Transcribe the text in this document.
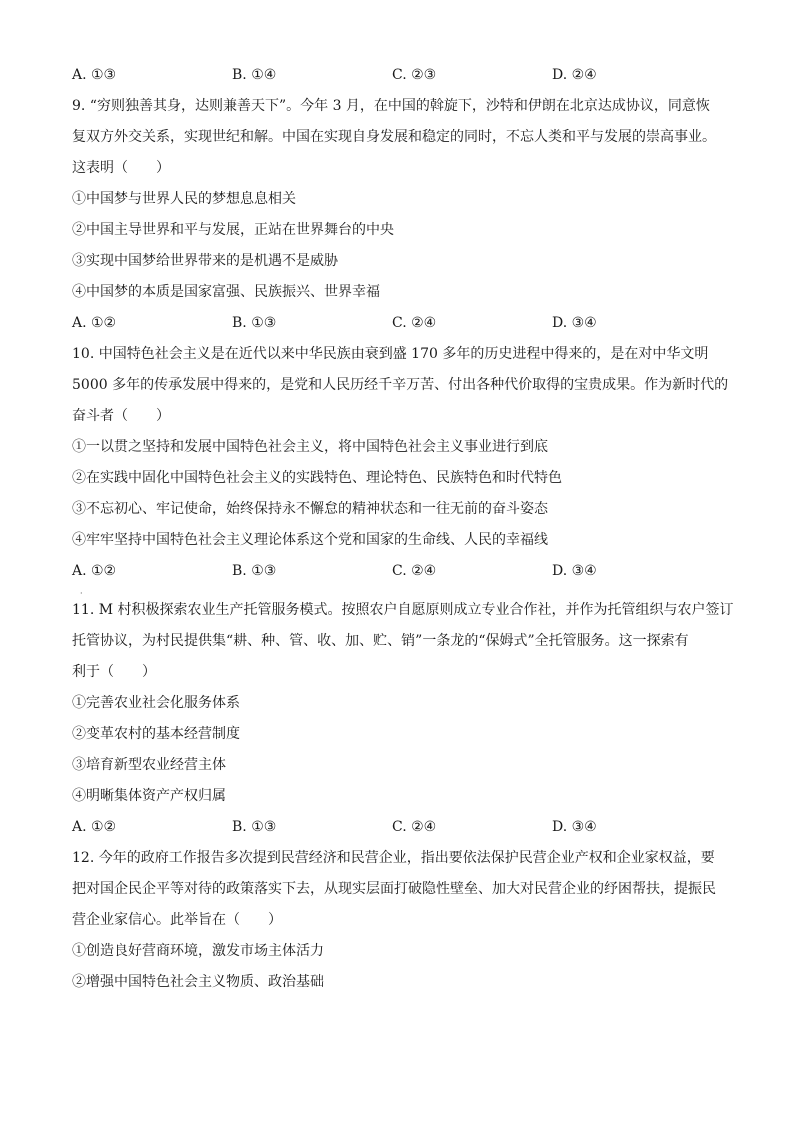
A. ①③	B. ①④	C. ②③	D. ②④
9. “穷则独善其身，达则兼善天下”。今年 3 月，在中国的斡旋下，沙特和伊朗在北京达成协议，同意恢
复双方外交关系，实现世纪和解。中国在实现自身发展和稳定的同时，不忘人类和平与发展的崇高事业。
这表明（　　）
①中国梦与世界人民的梦想息息相关
②中国主导世界和平与发展，正站在世界舞台的中央
③实现中国梦给世界带来的是机遇不是威胁
④中国梦的本质是国家富强、民族振兴、世界幸福
A. ①②	B. ①③	C. ②④	D. ③④
10. 中国特色社会主义是在近代以来中华民族由衰到盛 170 多年的历史进程中得来的，是在对中华文明
5000 多年的传承发展中得来的，是党和人民历经千辛万苦、付出各种代价取得的宝贵成果。作为新时代的
奋斗者（　　）
①一以贯之坚持和发展中国特色社会主义，将中国特色社会主义事业进行到底
②在实践中固化中国特色社会主义的实践特色、理论特色、民族特色和时代特色
③不忘初心、牢记使命，始终保持永不懈怠的精神状态和一往无前的奋斗姿态
④牢牢坚持中国特色社会主义理论体系这个党和国家的生命线、人民的幸福线
A. ①②	B. ①③	C. ②④	D. ③④
11. M 村积极探索农业生产托管服务模式。按照农户自愿原则成立专业合作社，并作为托管组织与农户签订
托管协议，为村民提供集“耕、种、管、收、加、贮、销”一条龙的“保姆式”全托管服务。这一探索有
利于（　　）
①完善农业社会化服务体系
②变革农村的基本经营制度
③培育新型农业经营主体
④明晰集体资产产权归属
A. ①②	B. ①③	C. ②④	D. ③④
12. 今年的政府工作报告多次提到民营经济和民营企业，指出要依法保护民营企业产权和企业家权益，要
把对国企民企平等对待的政策落实下去，从现实层面打破隐性壁垒、加大对民营企业的纾困帮扶，提振民
营企业家信心。此举旨在（　　）
①创造良好营商环境，激发市场主体活力
②增强中国特色社会主义物质、政治基础
·
